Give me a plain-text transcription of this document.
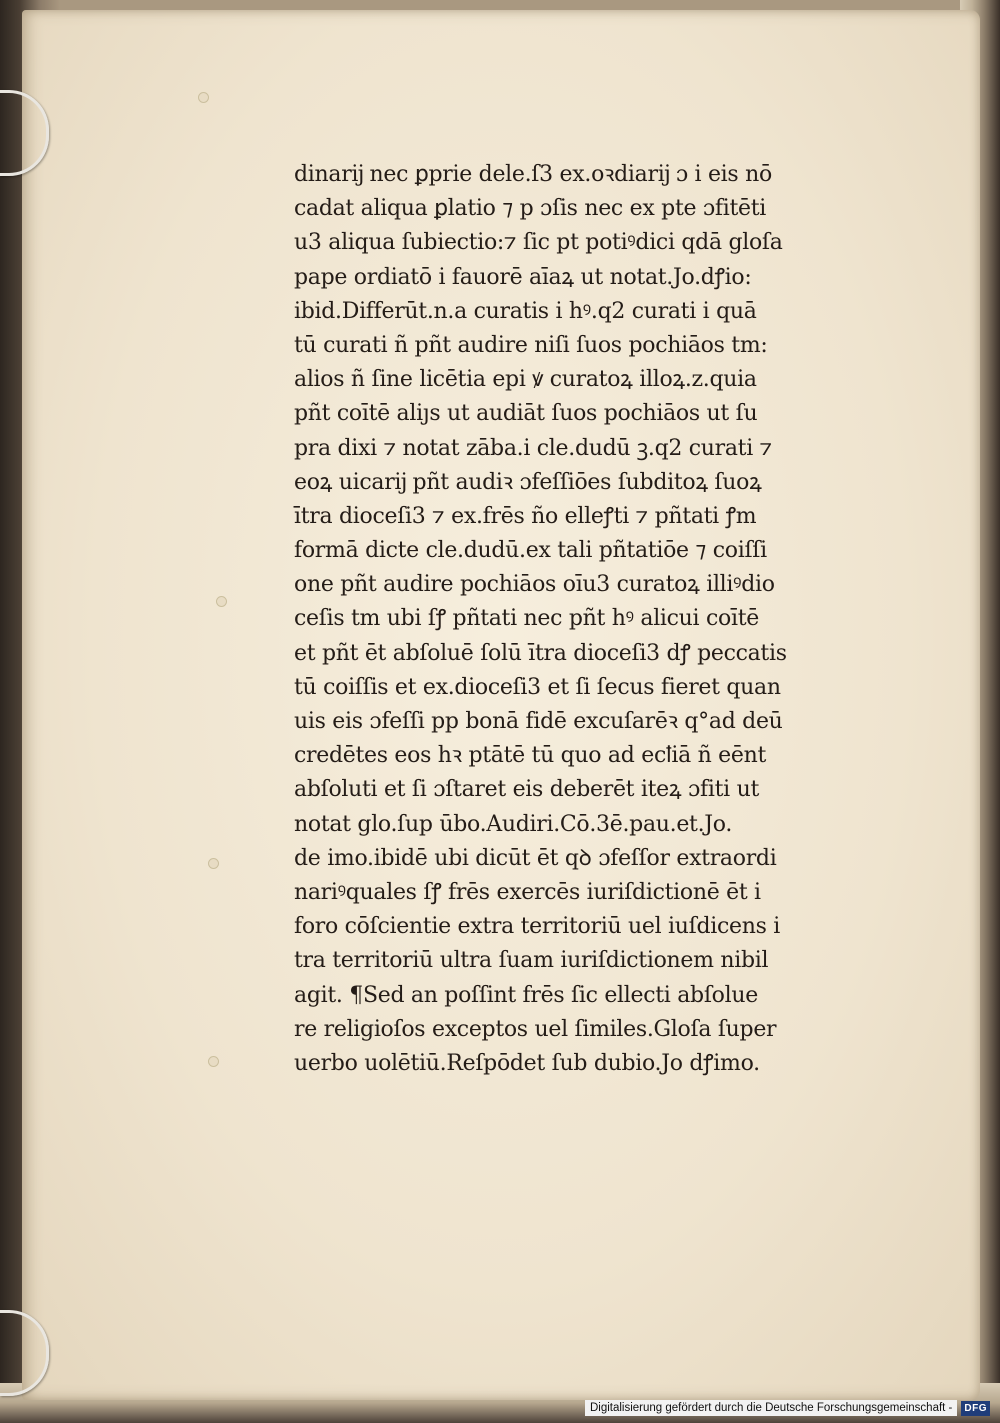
dinarĳ nec ꝑprie dele.ſ3 ex.oꝛdiarĳ ɔ i eis nō
cadat aliqua ꝑlatio ⁊ p ɔſis nec ex pte ɔfitēti
u3 aliqua ſubiectio:⁊ ſic pt potiꝰdici qdā gloſa
pape ordiatō i fauorē aīaꝝ ut notat.Jo.dꝭio:
ibid.Differūt.n.a curatis i hꝰ.q2 curati i quā
tū curati ñ pñt audire niſi ſuos pochiāos tm:
alios ñ ſine licētia epi ꝟ curatoꝝ illoꝝ.z.quia
pñt coītē aliȷs ut audiāt ſuos pochiāos ut ſu
pra dixi ⁊ notat zāba.i cle.dudū ꝫ.q2 curati ⁊
eoꝝ uicarĳ pñt audiꝛ ɔfeſſiōes ſubditoꝝ ſuoꝝ
ītra dioceſi3 ⁊ ex.frēs ño elleꝭti ⁊ pñtati ꝭm
formā dicte cle.dudū.ex tali pñtatiōe ⁊ coiſſi
one pñt audire pochiāos oīu3 curatoꝝ illiꝰdio
ceſis tm ubi ſꝭ pñtati nec pñt hꝰ alicui coītē
et pñt ēt abſoluē ſolū ītra dioceſi3 dꝭ peccatis
tū coiſſis et ex.dioceſi3 et ſi ſecus fieret quan
uis eis ɔfeſſi pp bonā fidē excuſarēꝛ q°ad deū
credētes eos hꝛ ptātē tū quo ad ecꝉiā ñ eēnt
abſoluti et ſi ɔſtaret eis deberēt iteꝝ ɔfiti ut
notat glo.ſup ūbo.Audiri.Cō.3ē.pau.et.Jo.
de imo.ibidē ubi dicūt ēt qꝺ ɔfeſſor extraordi
nariꝰquales ſꝭ frēs exercēs iuriſdictionē ēt i
foro cōſcientie extra territoriū uel iuſdicens i
tra territoriū ultra ſuam iuriſdictionem nibil
agit. ¶Sed an poſſint frēs ſic ellecti abſolue
re religioſos exceptos uel ſimiles.Gloſa ſuper
uerbo uolētiū.Reſpōdet ſub dubio.Jo dꝭimo.
Digitalisierung gefördert durch die Deutsche Forschungsgemeinschaft -	DFG
